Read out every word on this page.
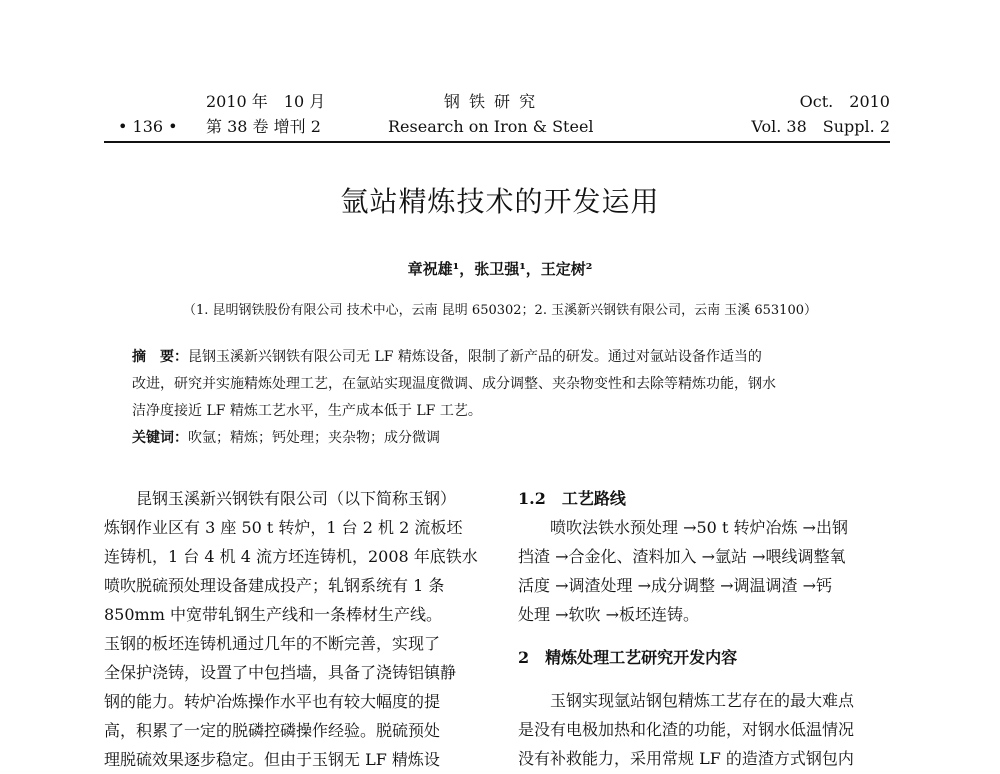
• 136 •
2010 年　10 月
第 38 卷 增刊 2
钢 铁 研 究
Research on Iron & Steel
Oct.　2010
Vol. 38　Suppl. 2
氩站精炼技术的开发运用
章祝雄¹，张卫强¹，王定树²
（1. 昆明钢铁股份有限公司 技术中心，云南 昆明 650302；2. 玉溪新兴钢铁有限公司，云南 玉溪 653100）

摘　要：昆钢玉溪新兴钢铁有限公司无 LF 精炼设备，限制了新产品的研发。通过对氩站设备作适当的

改进，研究并实施精炼处理工艺，在氩站实现温度微调、成分调整、夹杂物变性和去除等精炼功能，钢水

洁净度接近 LF 精炼工艺水平，生产成本低于 LF 工艺。

关键词：吹氩；精炼；钙处理；夹杂物；成分微调

　　昆钢玉溪新兴钢铁有限公司（以下简称玉钢）

炼钢作业区有 3 座 50 t 转炉，1 台 2 机 2 流板坯

连铸机，1 台 4 机 4 流方坯连铸机，2008 年底铁水

喷吹脱硫预处理设备建成投产；轧钢系统有 1 条

850mm 中宽带轧钢生产线和一条棒材生产线。

玉钢的板坯连铸机通过几年的不断完善，实现了

全保护浇铸，设置了中包挡墙，具备了浇铸铝镇静

钢的能力。转炉冶炼操作水平也有较大幅度的提

高，积累了一定的脱磷控磷操作经验。脱硫预处

理脱硫效果逐步稳定。但由于玉钢无 LF 精炼设

1.2　工艺路线

　　喷吹法铁水预处理 →50 t 转炉冶炼 →出钢

挡渣 →合金化、渣料加入 →氩站 →喂线调整氧

活度 →调渣处理 →成分调整 →调温调渣 →钙

处理 →软吹 →板坯连铸。

2　精炼处理工艺研究开发内容

　　玉钢实现氩站钢包精炼工艺存在的最大难点

是没有电极加热和化渣的功能，对钢水低温情况

没有补救能力，采用常规 LF 的造渣方式钢包内
